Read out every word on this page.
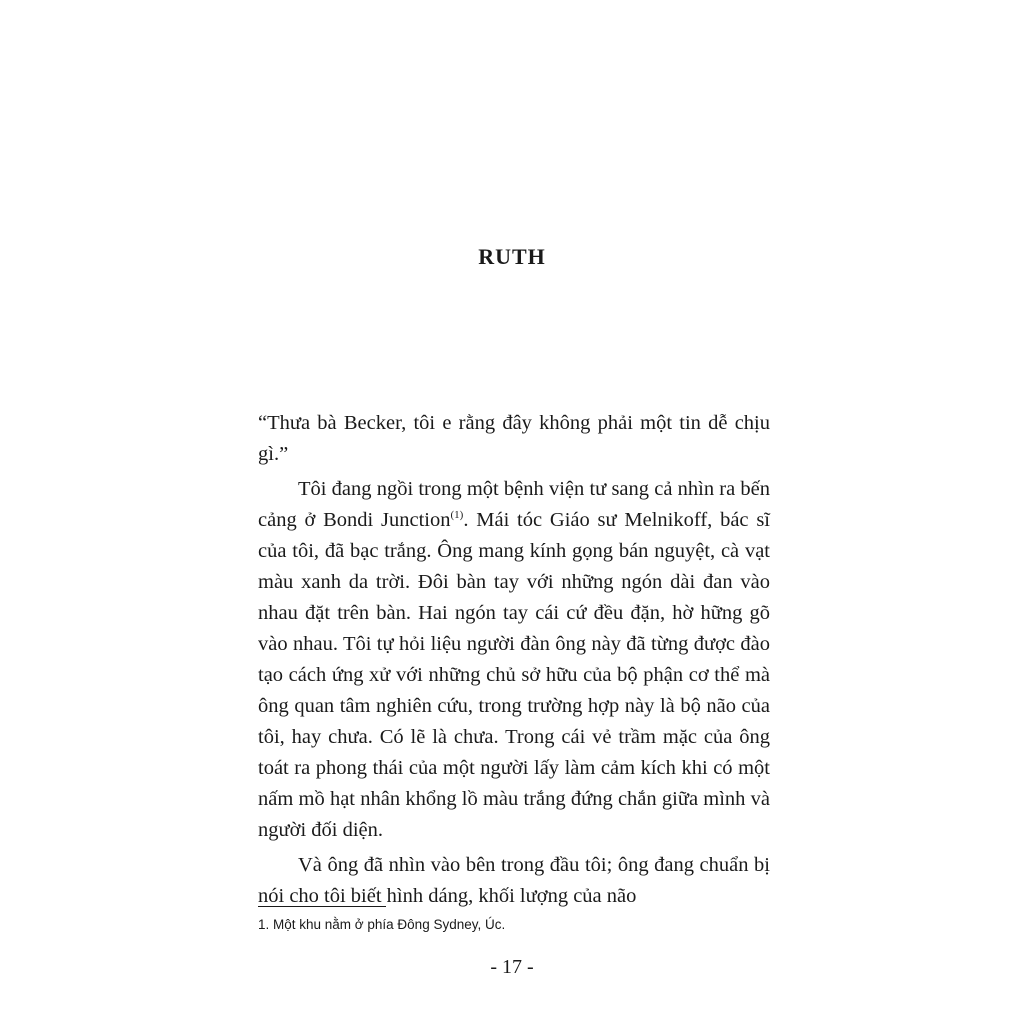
RUTH

“Thưa bà Becker, tôi e rằng đây không phải một tin dễ chịu gì.”

Tôi đang ngồi trong một bệnh viện tư sang cả nhìn ra bến cảng ở Bondi Junction$^{(1)}$. Mái tóc Giáo sư Melnikoff, bác sĩ của tôi, đã bạc trắng. Ông mang kính gọng bán nguyệt, cà vạt màu xanh da trời. Đôi bàn tay với những ngón dài đan vào nhau đặt trên bàn. Hai ngón tay cái cứ đều đặn, hờ hững gõ vào nhau. Tôi tự hỏi liệu người đàn ông này đã từng được đào tạo cách ứng xử với những chủ sở hữu của bộ phận cơ thể mà ông quan tâm nghiên cứu, trong trường hợp này là bộ não của tôi, hay chưa. Có lẽ là chưa. Trong cái vẻ trầm mặc của ông toát ra phong thái của một người lấy làm cảm kích khi có một nấm mồ hạt nhân khổng lồ màu trắng đứng chắn giữa mình và người đối diện.

Và ông đã nhìn vào bên trong đầu tôi; ông đang chuẩn bị nói cho tôi biết hình dáng, khối lượng của não

1. Một khu nằm ở phía Đông Sydney, Úc.
- 17 -
